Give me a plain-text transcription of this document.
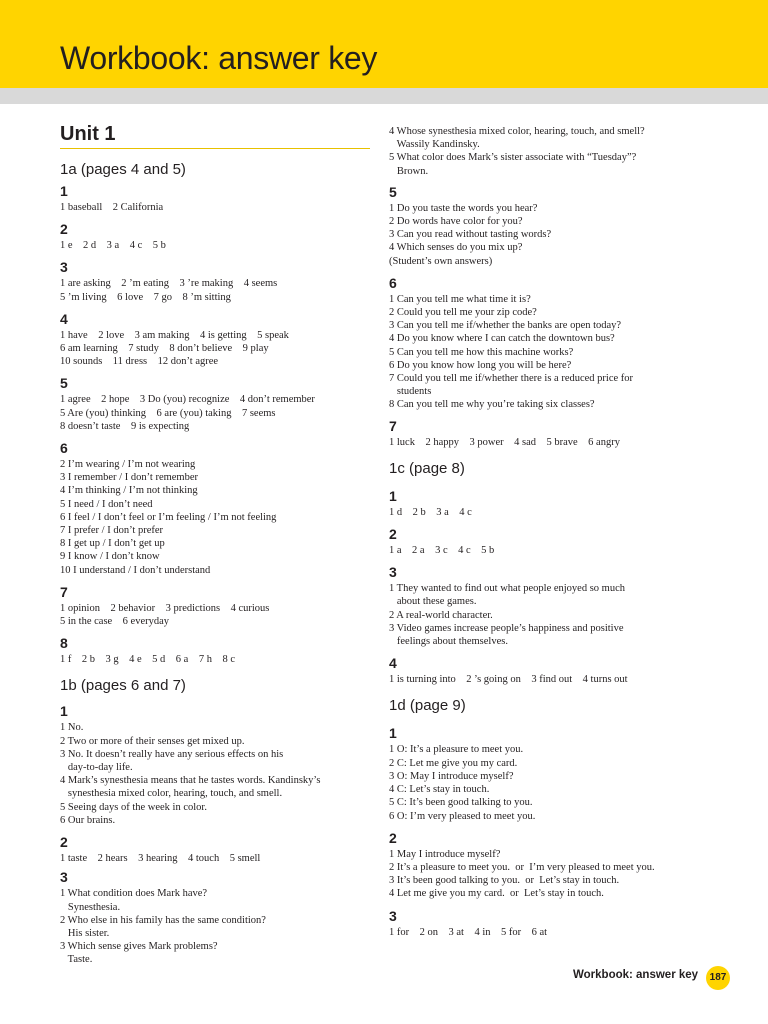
Workbook: answer key
Unit 1
1a (pages 4 and 5)
1
1 baseball    2 California
2
1 e    2 d    3 a    4 c    5 b
3
1 are asking    2 ’m eating    3 ’re making    4 seems
5 ’m living    6 love    7 go    8 ’m sitting
4
1 have    2 love    3 am making    4 is getting    5 speak
6 am learning    7 study    8 don’t believe    9 play
10 sounds    11 dress    12 don’t agree
5
1 agree    2 hope    3 Do (you) recognize    4 don’t remember
5 Are (you) thinking    6 are (you) taking    7 seems
8 doesn’t taste    9 is expecting
6
2 I’m wearing / I’m not wearing
3 I remember / I don’t remember
4 I’m thinking / I’m not thinking
5 I need / I don’t need
6 I feel / I don’t feel or I’m feeling / I’m not feeling
7 I prefer / I don’t prefer
8 I get up / I don’t get up
9 I know / I don’t know
10 I understand / I don’t understand
7
1 opinion    2 behavior    3 predictions    4 curious
5 in the case    6 everyday
8
1 f    2 b    3 g    4 e    5 d    6 a    7 h    8 c
1b (pages 6 and 7)
1
1 No.
2 Two or more of their senses get mixed up.
3 No. It doesn’t really have any serious effects on his
day-to-day life.
4 Mark’s synesthesia means that he tastes words. Kandinsky’s
synesthesia mixed color, hearing, touch, and smell.
5 Seeing days of the week in color.
6 Our brains.
2
1 taste    2 hears    3 hearing    4 touch    5 smell
3
1 What condition does Mark have?
Synesthesia.
2 Who else in his family has the same condition?
His sister.
3 Which sense gives Mark problems?
Taste.
4 Whose synesthesia mixed color, hearing, touch, and smell?
Wassily Kandinsky.
5 What color does Mark’s sister associate with “Tuesday”?
Brown.
5
1 Do you taste the words you hear?
2 Do words have color for you?
3 Can you read without tasting words?
4 Which senses do you mix up?
(Student’s own answers)
6
1 Can you tell me what time it is?
2 Could you tell me your zip code?
3 Can you tell me if/whether the banks are open today?
4 Do you know where I can catch the downtown bus?
5 Can you tell me how this machine works?
6 Do you know how long you will be here?
7 Could you tell me if/whether there is a reduced price for
students
8 Can you tell me why you’re taking six classes?
7
1 luck    2 happy    3 power    4 sad    5 brave    6 angry
1c (page 8)
1
1 d    2 b    3 a    4 c
2
1 a    2 a    3 c    4 c    5 b
3
1 They wanted to find out what people enjoyed so much
about these games.
2 A real-world character.
3 Video games increase people’s happiness and positive
feelings about themselves.
4
1 is turning into    2 ’s going on    3 find out    4 turns out
1d (page 9)
1
1 O: It’s a pleasure to meet you.
2 C: Let me give you my card.
3 O: May I introduce myself?
4 C: Let’s stay in touch.
5 C: It’s been good talking to you.
6 O: I’m very pleased to meet you.
2
1 May I introduce myself?
2 It’s a pleasure to meet you.  or  I’m very pleased to meet you.
3 It’s been good talking to you.  or  Let’s stay in touch.
4 Let me give you my card.  or  Let’s stay in touch.
3
1 for    2 on    3 at    4 in    5 for    6 at
Workbook: answer key	187
